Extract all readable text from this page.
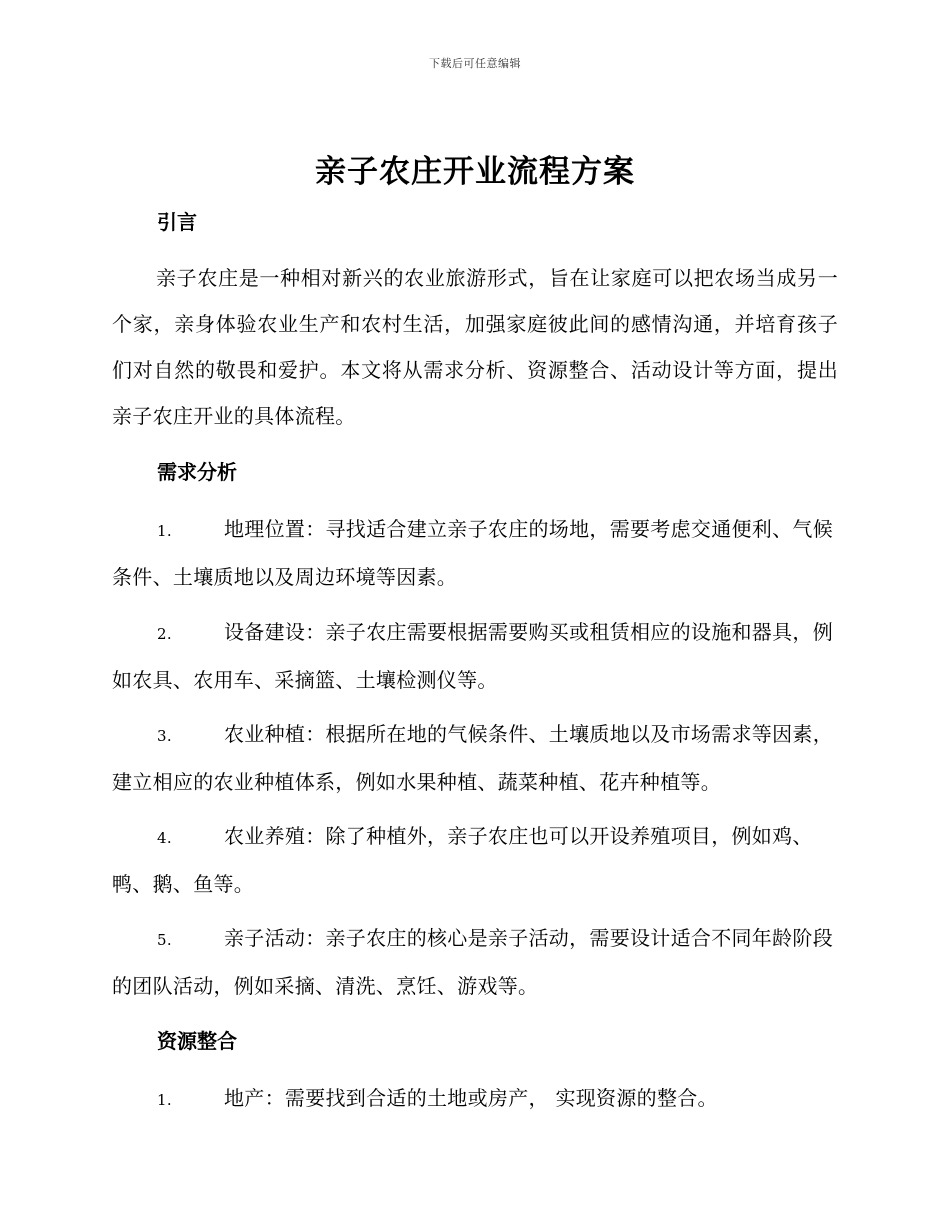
下载后可任意编辑
亲子农庄开业流程方案
引言

亲子农庄是一种相对新兴的农业旅游形式，旨在让家庭可以把农场当成另一个家，亲身体验农业生产和农村生活，加强家庭彼此间的感情沟通，并培育孩子们对自然的敬畏和爱护。本文将从需求分析、资源整合、活动设计等方面，提出亲子农庄开业的具体流程。

需求分析
1.	地理位置：寻找适合建立亲子农庄的场地，需要考虑交通便利、气候条件、土壤质地以及周边环境等因素。
2.	设备建设：亲子农庄需要根据需要购买或租赁相应的设施和器具，例如农具、农用车、采摘篮、土壤检测仪等。
3.	农业种植：根据所在地的气候条件、土壤质地以及市场需求等因素，建立相应的农业种植体系，例如水果种植、蔬菜种植、花卉种植等。
4.	农业养殖：除了种植外，亲子农庄也可以开设养殖项目，例如鸡、鸭、鹅、鱼等。
5.	亲子活动：亲子农庄的核心是亲子活动，需要设计适合不同年龄阶段的团队活动，例如采摘、清洗、烹饪、游戏等。
资源整合
1.	地产：需要找到合适的土地或房产， 实现资源的整合。
